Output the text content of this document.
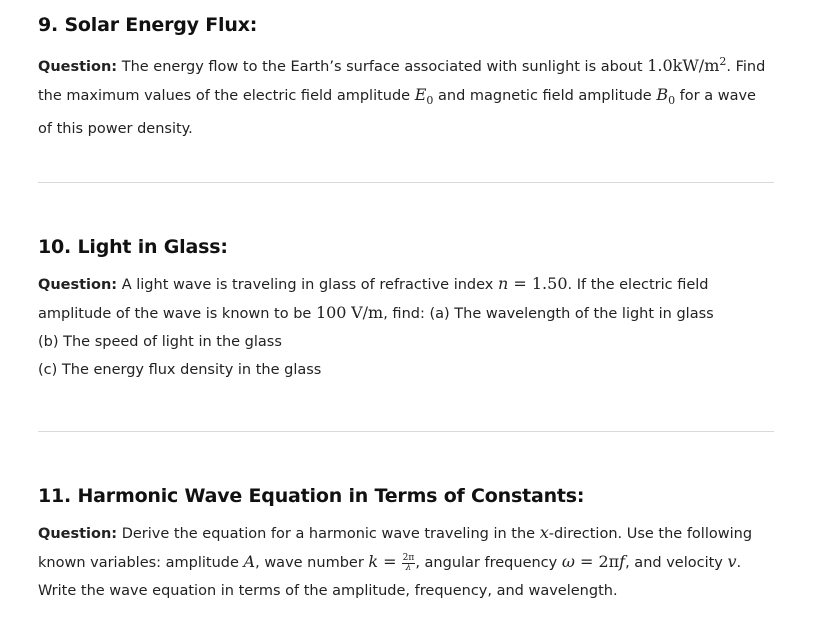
9. Solar Energy Flux:

Question: The energy flow to the Earth’s surface associated with sunlight is about $1.0kW/m^2$. Find the maximum values of the electric field amplitude $E_0$ and magnetic field amplitude $B_0$ for a wave of this power density.

10. Light in Glass:

Question: A light wave is traveling in glass of refractive index n = 1.50. If the electric field amplitude of the wave is known to be 100 V/m, find: (a) The wavelength of the light in glass

(b) The speed of light in the glass

(c) The energy flux density in the glass

11. Harmonic Wave Equation in Terms of Constants:

Question: Derive the equation for a harmonic wave traveling in the x-direction. Use the following known variables: amplitude A, wave number $k = \frac{2\pi}{\lambda}$ , angular frequency ω = 2πf, and velocity v.

Write the wave equation in terms of the amplitude, frequency, and wavelength.
